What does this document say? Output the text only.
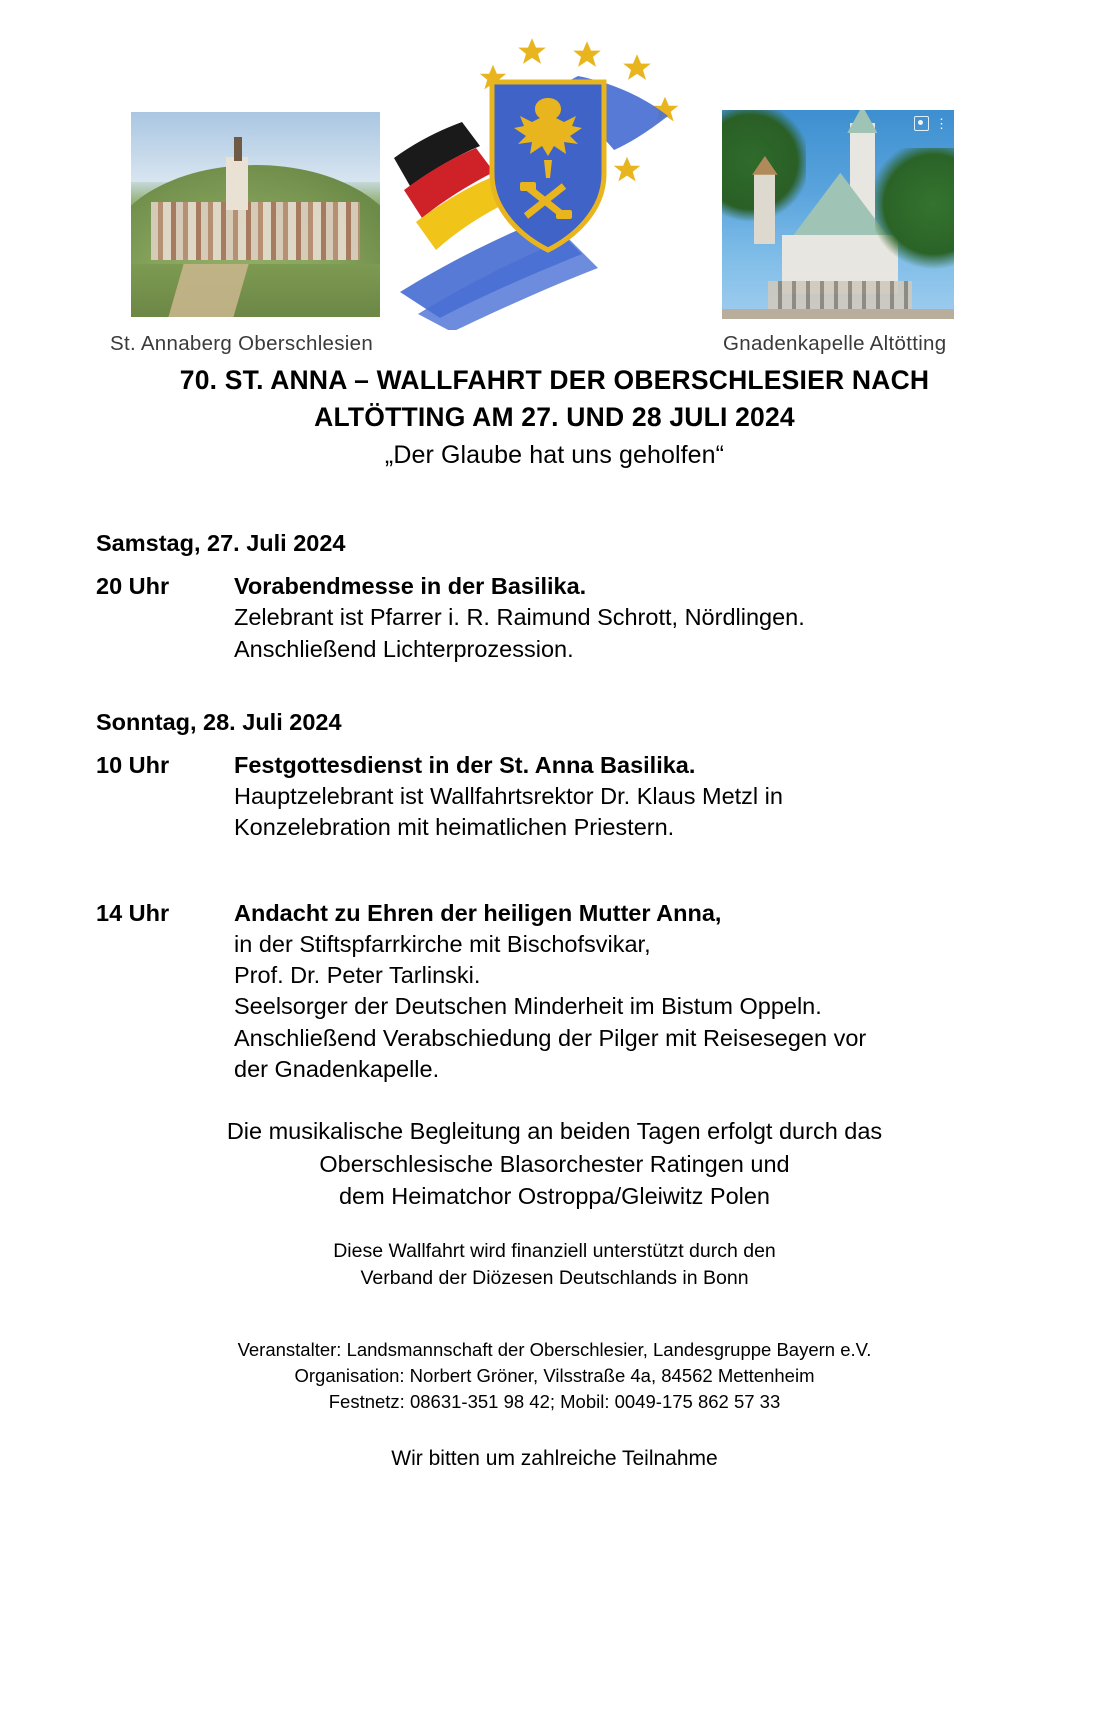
St. Annaberg Oberschlesien
⋮
Gnadenkapelle Altötting
70. ST. ANNA – WALLFAHRT DER OBERSCHLESIER NACH
ALTÖTTING AM 27. UND 28 JULI 2024
„Der Glaube hat uns geholfen“
Samstag, 27. Juli 2024
20 Uhr	Vorabendmesse in der Basilika.
Zelebrant ist Pfarrer i. R. Raimund Schrott, Nördlingen.
Anschließend Lichterprozession.
Sonntag, 28. Juli 2024
10 Uhr	Festgottesdienst in der St. Anna Basilika.
Hauptzelebrant ist Wallfahrtsrektor Dr. Klaus Metzl in
Konzelebration mit heimatlichen Priestern.
14 Uhr	Andacht zu Ehren der heiligen Mutter Anna,
in der Stiftspfarrkirche mit Bischofsvikar,
Prof. Dr. Peter Tarlinski.
Seelsorger der Deutschen Minderheit im Bistum Oppeln.
Anschließend Verabschiedung der Pilger mit Reisesegen vor
der Gnadenkapelle.
Die musikalische Begleitung an beiden Tagen erfolgt durch das
Oberschlesische Blasorchester Ratingen und
dem Heimatchor Ostroppa/Gleiwitz Polen
Diese Wallfahrt wird finanziell unterstützt durch den
Verband der Diözesen Deutschlands in Bonn
Veranstalter: Landsmannschaft der Oberschlesier, Landesgruppe Bayern e.V.
Organisation: Norbert Gröner, Vilsstraße 4a, 84562 Mettenheim
Festnetz: 08631-351 98 42; Mobil: 0049-175 862 57 33
Wir bitten um zahlreiche Teilnahme
